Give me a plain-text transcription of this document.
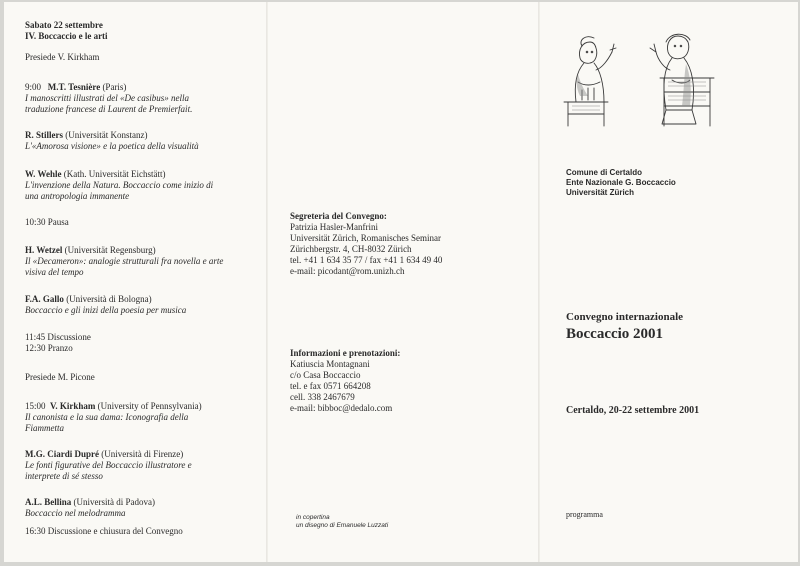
Sabato 22 settembre
IV. Boccaccio e le arti
Presiede V. Kirkham
9:00 M.T. Tesnière (Paris)
I manoscritti illustrati del «De casibus» nella
traduzione francese di Laurent de Premierfait.
R. Stillers (Universität Konstanz)
L'«Amorosa visione» e la poetica della visualità
W. Wehle (Kath. Universität Eichstätt)
L'invenzione della Natura. Boccaccio come inizio di
una antropologia immanente
10:30 Pausa
H. Wetzel (Universität Regensburg)
Il «Decameron»: analogie strutturali fra novella e arte
visiva del tempo
F.A. Gallo (Università di Bologna)
Boccaccio e gli inizi della poesia per musica
11:45 Discussione
12:30 Pranzo
Presiede M. Picone
15:00 V. Kirkham (University of Pennsylvania)
Il canonista e la sua dama: Iconografia della
Fiammetta
M.G. Ciardi Dupré (Università di Firenze)
Le fonti figurative del Boccaccio illustratore e
interprete di sé stesso
A.L. Bellina (Università di Padova)
Boccaccio nel melodramma
16:30 Discussione e chiusura del Convegno
Segreteria del Convegno:
Patrizia Hasler-Manfrini
Universität Zürich, Romanisches Seminar
Zürichbergstr. 4, CH-8032 Zürich
tel. +41 1 634 35 77 / fax +41 1 634 49 40
e-mail: picodant@rom.unizh.ch
Informazioni e prenotazioni:
Katiuscia Montagnani
c/o Casa Boccaccio
tel. e fax 0571 664208
cell. 338 2467679
e-mail: bibboc@dedalo.com
in copertina
un disegno di Emanuele Luzzati
Comune di Certaldo
Ente Nazionale G. Boccaccio
Universität Zürich
Convegno internazionale
Boccaccio 2001
Certaldo, 20-22 settembre 2001
programma
